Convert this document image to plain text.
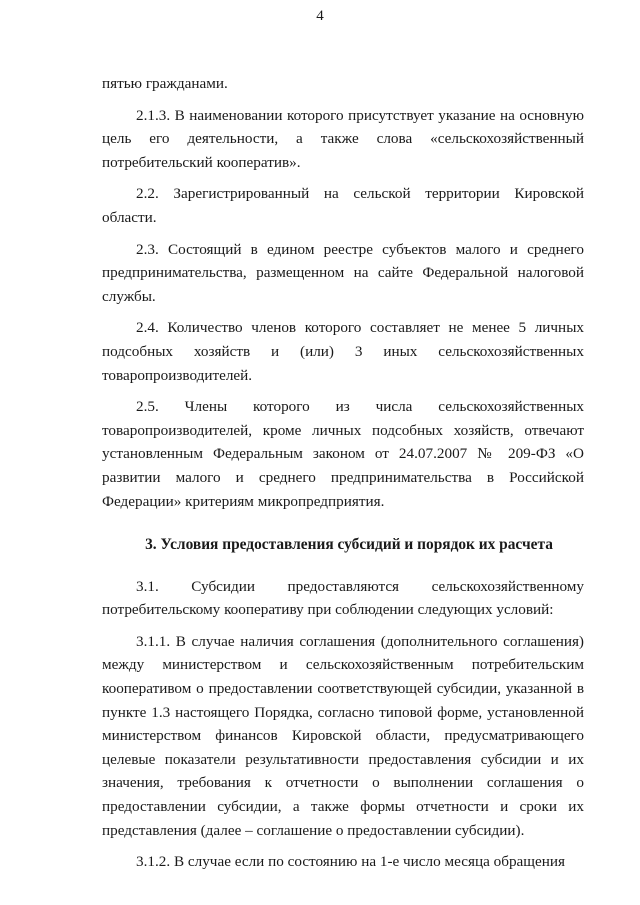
4

пятью гражданами.

2.1.3. В наименовании которого присутствует указание на основную цель его деятельности, а также слова «сельскохозяйственный потребительский кооператив».

2.2. Зарегистрированный на сельской территории Кировской области.

2.3. Состоящий в едином реестре субъектов малого и среднего предпринимательства, размещенном на сайте Федеральной налоговой службы.

2.4. Количество членов которого составляет не менее 5 личных подсобных хозяйств и (или) 3 иных сельскохозяйственных товаропроизводителей.

2.5. Члены которого из числа сельскохозяйственных товаропроизводителей, кроме личных подсобных хозяйств, отвечают установленным Федеральным законом от 24.07.2007 № 209-ФЗ «О развитии малого и среднего предпринимательства в Российской Федерации» критериям микропредприятия.

3. Условия предоставления субсидий и порядок их расчета

3.1. Субсидии предоставляются сельскохозяйственному потребительскому кооперативу при соблюдении следующих условий:

3.1.1. В случае наличия соглашения (дополнительного соглашения) между министерством и сельскохозяйственным потребительским кооперативом о предоставлении соответствующей субсидии, указанной в пункте 1.3 настоящего Порядка, согласно типовой форме, установленной министерством финансов Кировской области, предусматривающего целевые показатели результативности предоставления субсидии и их значения, требования к отчетности о выполнении соглашения о предоставлении субсидии, а также формы отчетности и сроки их представления (далее – соглашение о предоставлении субсидии).

3.1.2. В случае если по состоянию на 1-е число месяца обращения
